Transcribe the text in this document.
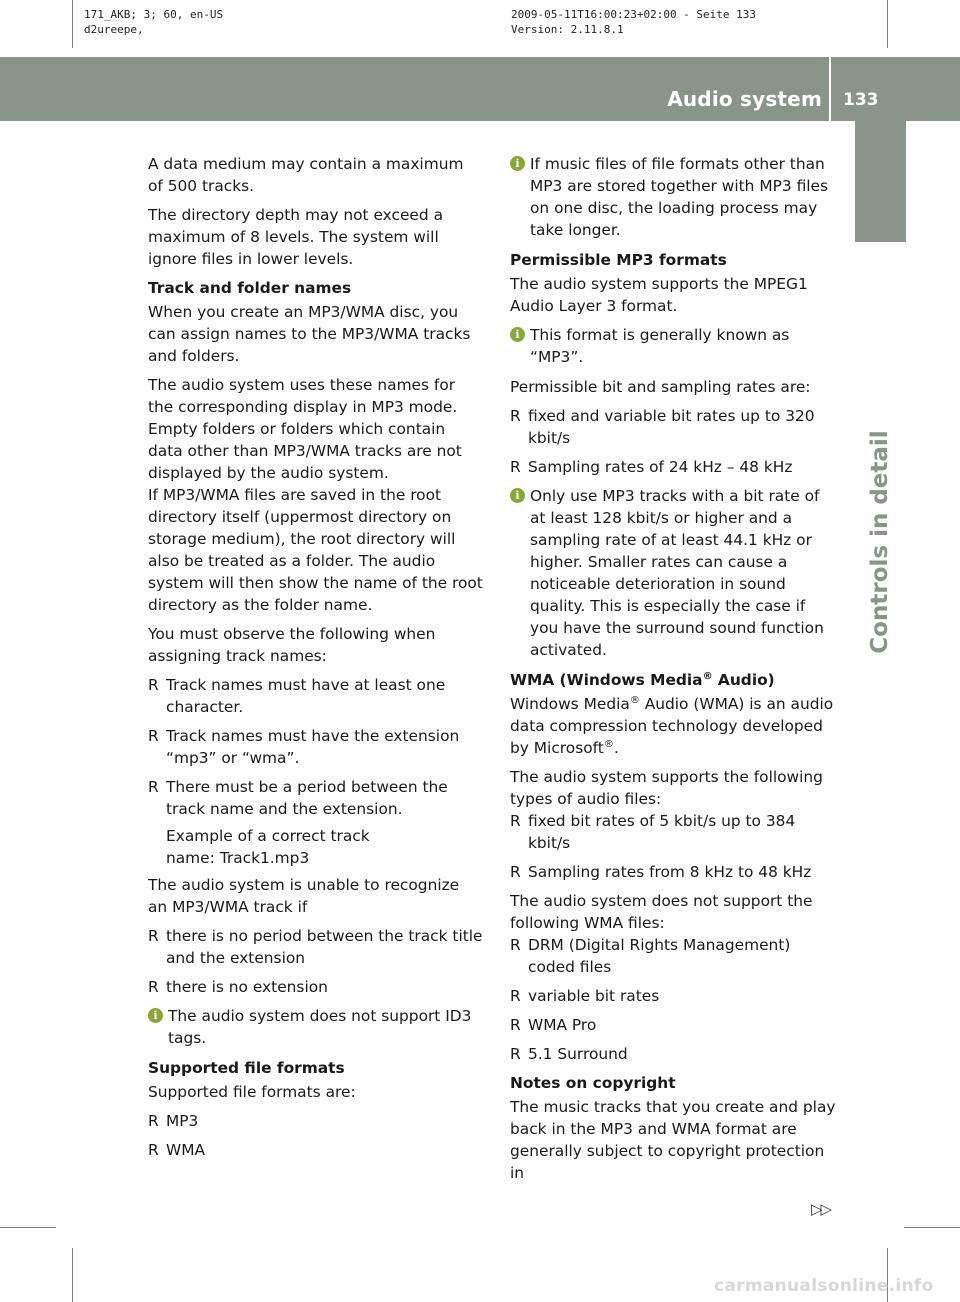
171_AKB; 3; 60, en-US
d2ureepe,
2009-05-11T16:00:23+02:00 - Seite 133
Version: 2.11.8.1
Audio system 133
Controls in detail

A data medium may contain a maximum of 500 tracks.

The directory depth may not exceed a maximum of 8 levels. The system will ignore files in lower levels.

Track and folder names

When you create an MP3/WMA disc, you can assign names to the MP3/WMA tracks and folders.

The audio system uses these names for the corresponding display in MP3 mode. Empty folders or folders which contain data other than MP3/WMA tracks are not displayed by the audio system.

If MP3/WMA files are saved in the root directory itself (uppermost directory on storage medium), the root directory will also be treated as a folder. The audio system will then show the name of the root directory as the folder name.

You must observe the following when assigning track names:

R Track names must have at least one character.
R Track names must have the extension “mp3” or “wma”.
R There must be a period between the track name and the extension.
Example of a correct track name: Track1.mp3

The audio system is unable to recognize an MP3/WMA track if

R there is no period between the track title and the extension
R there is no extension
i The audio system does not support ID3 tags.

Supported file formats

Supported file formats are:

R MP3
R WMA
i If music files of file formats other than MP3 are stored together with MP3 files on one disc, the loading process may take longer.

Permissible MP3 formats

The audio system supports the MPEG1 Audio Layer 3 format.

i This format is generally known as “MP3”.

Permissible bit and sampling rates are:

R fixed and variable bit rates up to 320 kbit/s
R Sampling rates of 24 kHz – 48 kHz
i Only use MP3 tracks with a bit rate of at least 128 kbit/s or higher and a sampling rate of at least 44.1 kHz or higher. Smaller rates can cause a noticeable deterioration in sound quality. This is especially the case if you have the surround sound function activated.

WMA (Windows Media® Audio)

Windows Media® Audio (WMA) is an audio data compression technology developed by Microsoft®.

The audio system supports the following types of audio files:

R fixed bit rates of 5 kbit/s up to 384 kbit/s
R Sampling rates from 8 kHz to 48 kHz

The audio system does not support the following WMA files:

R DRM (Digital Rights Management) coded files
R variable bit rates
R WMA Pro
R 5.1 Surround

Notes on copyright

The music tracks that you create and play back in the MP3 and WMA format are generally subject to copyright protection in

▷▷
carmanualsonline.info
